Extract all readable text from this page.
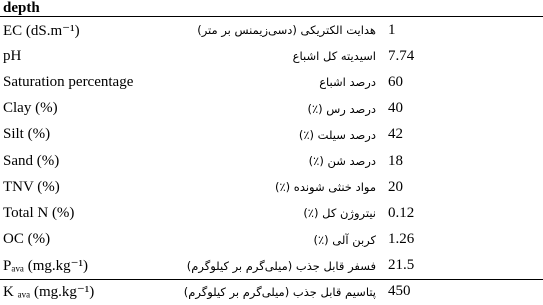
depth
EC (dS.m⁻¹)	هدایت الکتریکی (دسی‌زیمنس بر متر)	1
pH	اسیدیته کل اشباع	7.74
Saturation percentage	درصد اشباع	60
Clay (%)	درصد رس (٪)	40
Silt (%)	درصد سیلت (٪)	42
Sand (%)	درصد شن (٪)	18
TNV (%)	مواد خنثی شونده (٪)	20
Total N (%)	نیتروژن کل (٪)	0.12
OC (%)	کربن آلی (٪)	1.26
Pₐᵥₐ (mg.kg⁻¹)	فسفر قابل جذب (میلی‌گرم بر کیلوگرم)	21.5
K ₐᵥₐ (mg.kg⁻¹)	پتاسیم قابل جذب (میلی‌گرم بر کیلوگرم)	450
